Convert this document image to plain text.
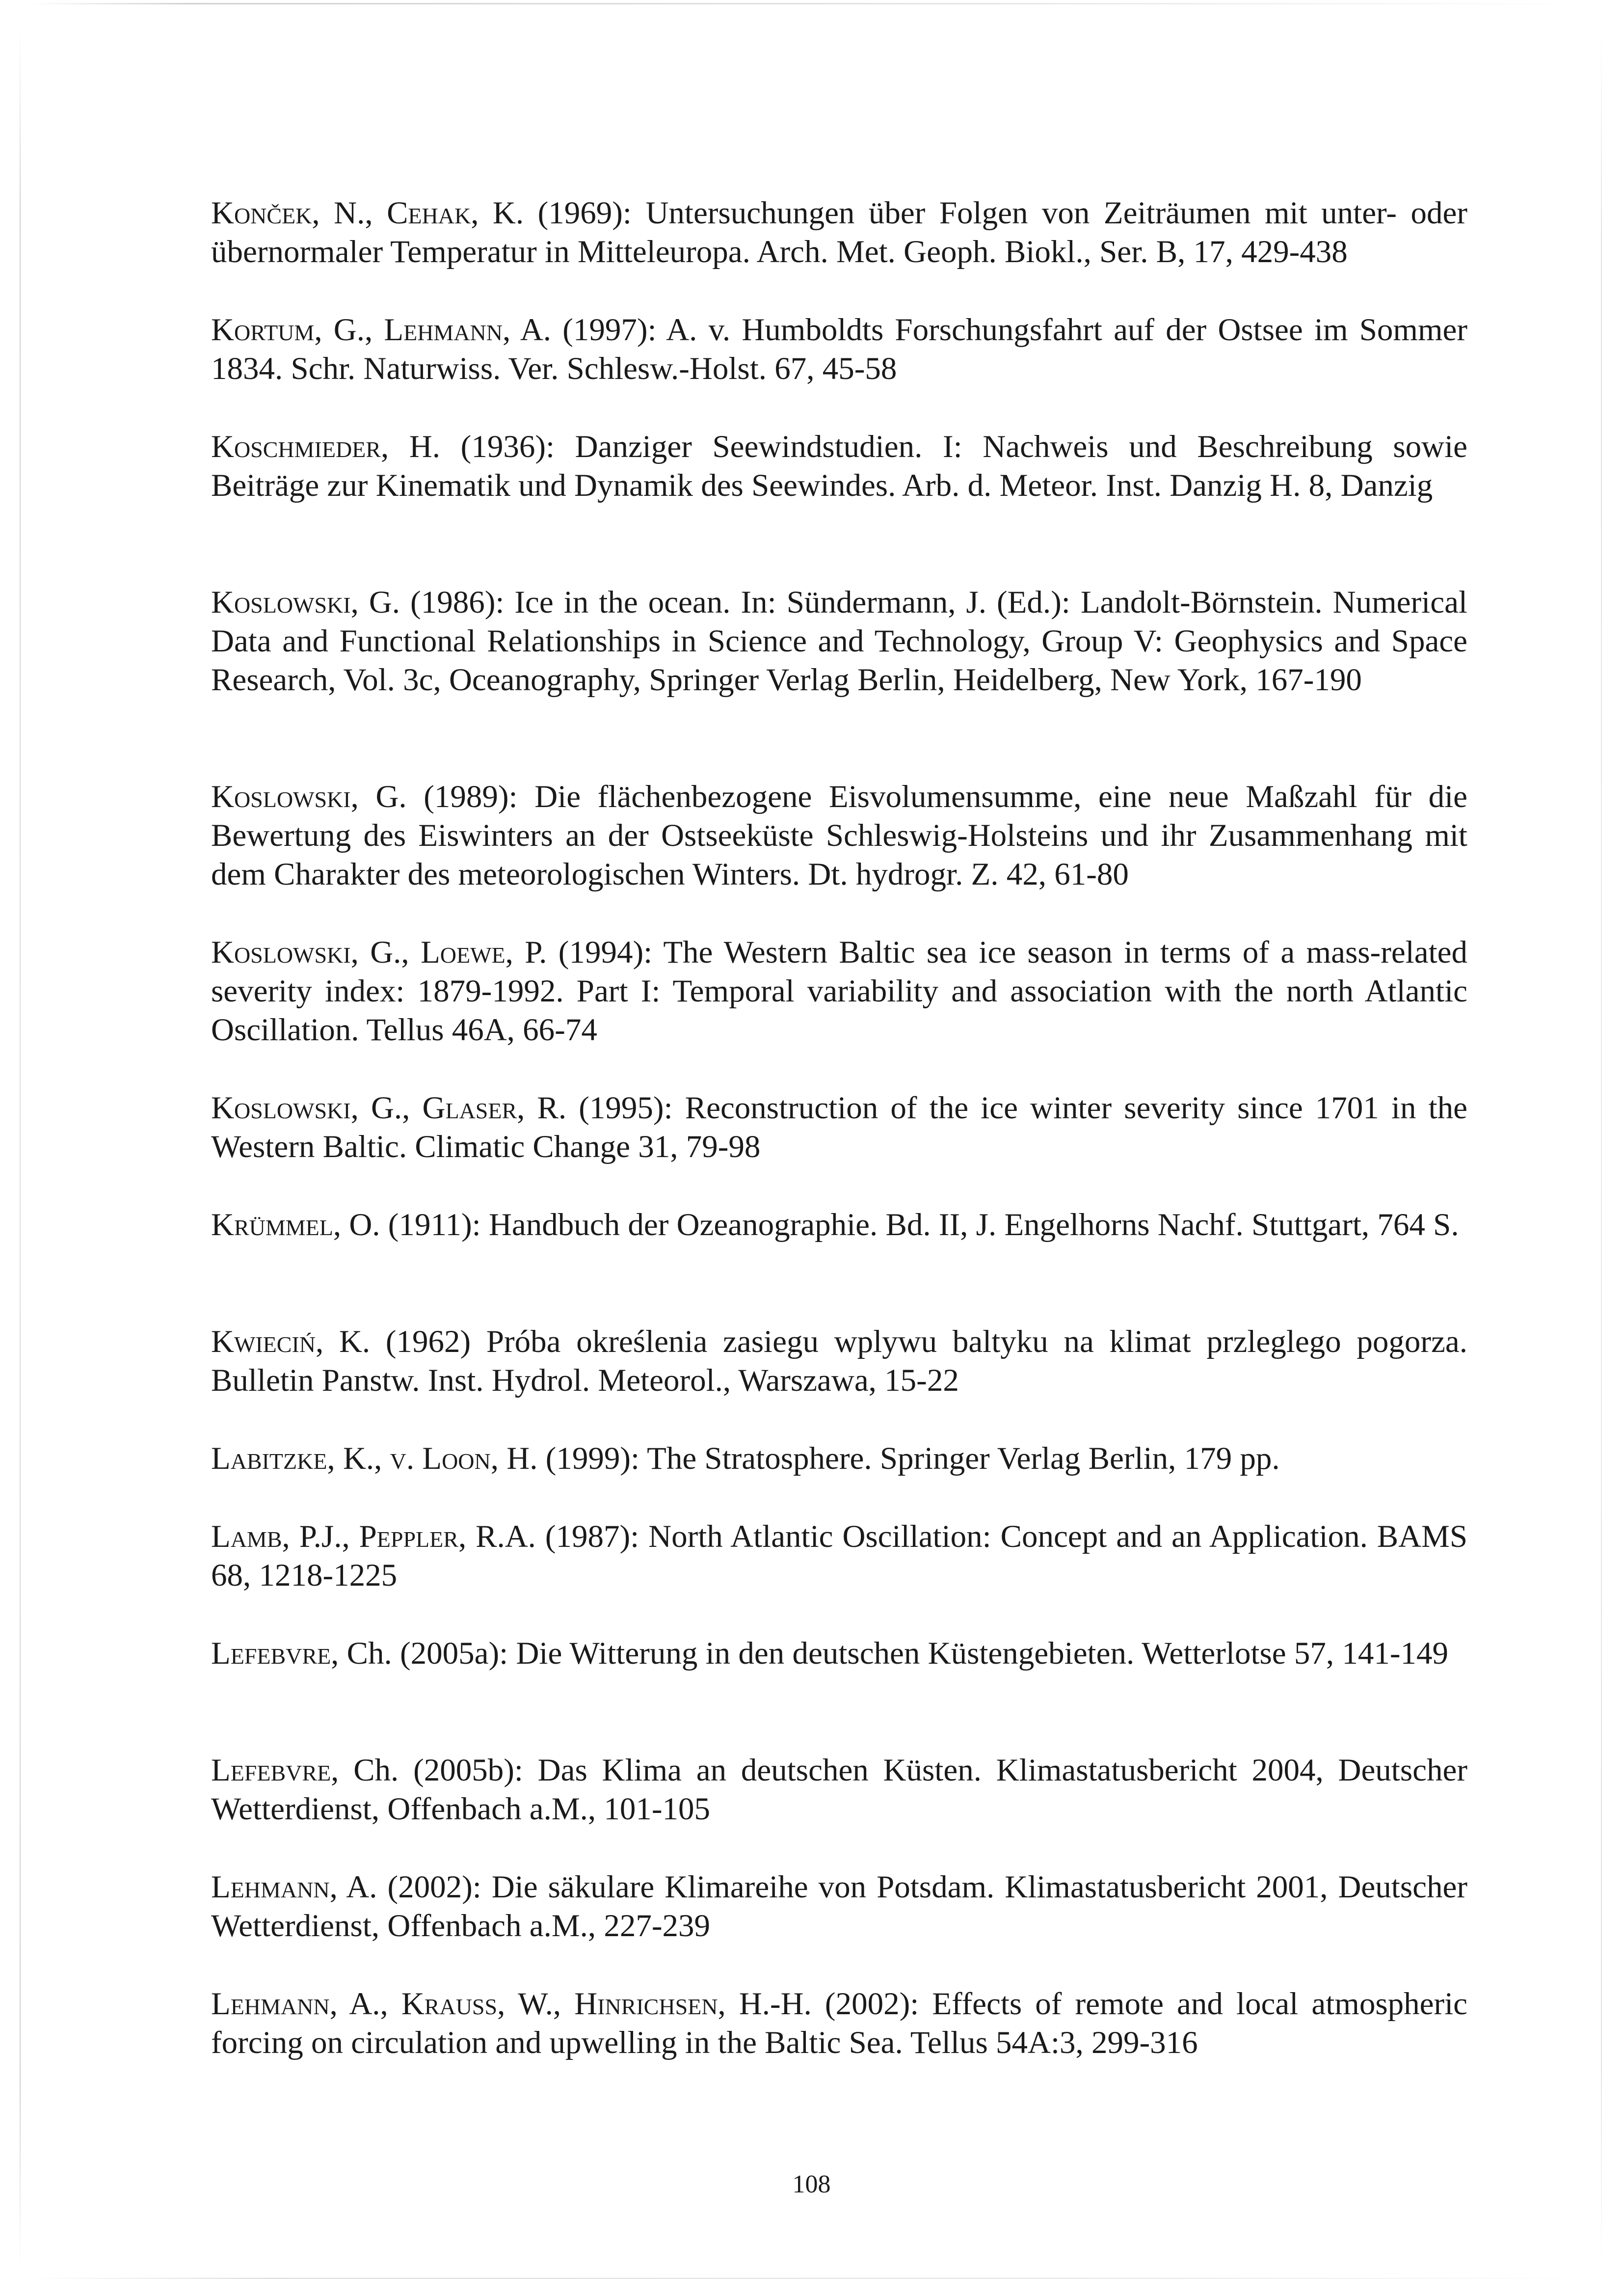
Konček, N., Cehak, K. (1969): Untersuchungen über Folgen von Zeiträumen mit unter- oder übernormaler Temperatur in Mitteleuropa. Arch. Met. Geoph. Biokl., Ser. B, 17, 429-438
Kortum, G., Lehmann, A. (1997): A. v. Humboldts Forschungsfahrt auf der Ostsee im Sommer 1834. Schr. Naturwiss. Ver. Schlesw.-Holst. 67, 45-58
Koschmieder, H. (1936): Danziger Seewindstudien. I: Nachweis und Beschreibung sowie Beiträge zur Kinematik und Dynamik des Seewindes. Arb. d. Meteor. Inst. Danzig H. 8, Danzig
Koslowski, G. (1986): Ice in the ocean. In: Sündermann, J. (Ed.): Landolt-Börnstein. Numerical Data and Functional Relationships in Science and Technology, Group V: Geophysics and Space Research, Vol. 3c, Oceanography, Springer Verlag Berlin, Heidelberg, New York, 167-190
Koslowski, G. (1989): Die flächenbezogene Eisvolumensumme, eine neue Maßzahl für die Bewertung des Eiswinters an der Ostseeküste Schleswig-Holsteins und ihr Zusammenhang mit dem Charakter des meteorologischen Winters. Dt. hydrogr. Z. 42, 61-80
Koslowski, G., Loewe, P. (1994): The Western Baltic sea ice season in terms of a mass-related severity index: 1879-1992. Part I: Temporal variability and association with the north Atlantic Oscillation. Tellus 46A, 66-74
Koslowski, G., Glaser, R. (1995): Reconstruction of the ice winter severity since 1701 in the Western Baltic. Climatic Change 31, 79-98
Krümmel, O. (1911): Handbuch der Ozeanographie. Bd. II, J. Engelhorns Nachf. Stuttgart, 764 S.
Kwieciń, K. (1962) Próba określenia zasiegu wplywu baltyku na klimat przleglego pogorza. Bulletin Panstw. Inst. Hydrol. Meteorol., Warszawa, 15-22
Labitzke, K., v. Loon, H. (1999): The Stratosphere. Springer Verlag Berlin, 179 pp.
Lamb, P.J., Peppler, R.A. (1987): North Atlantic Oscillation: Concept and an Application. BAMS 68, 1218-1225
Lefebvre, Ch. (2005a): Die Witterung in den deutschen Küstengebieten. Wetterlotse 57, 141-149
Lefebvre, Ch. (2005b): Das Klima an deutschen Küsten. Klimastatusbericht 2004, Deutscher Wetterdienst, Offenbach a.M., 101-105
Lehmann, A. (2002): Die säkulare Klimareihe von Potsdam. Klimastatusbericht 2001, Deutscher Wetterdienst, Offenbach a.M., 227-239
Lehmann, A., Krauss, W., Hinrichsen, H.-H. (2002): Effects of remote and local atmospheric forcing on circulation and upwelling in the Baltic Sea. Tellus 54A:3, 299-316
108
